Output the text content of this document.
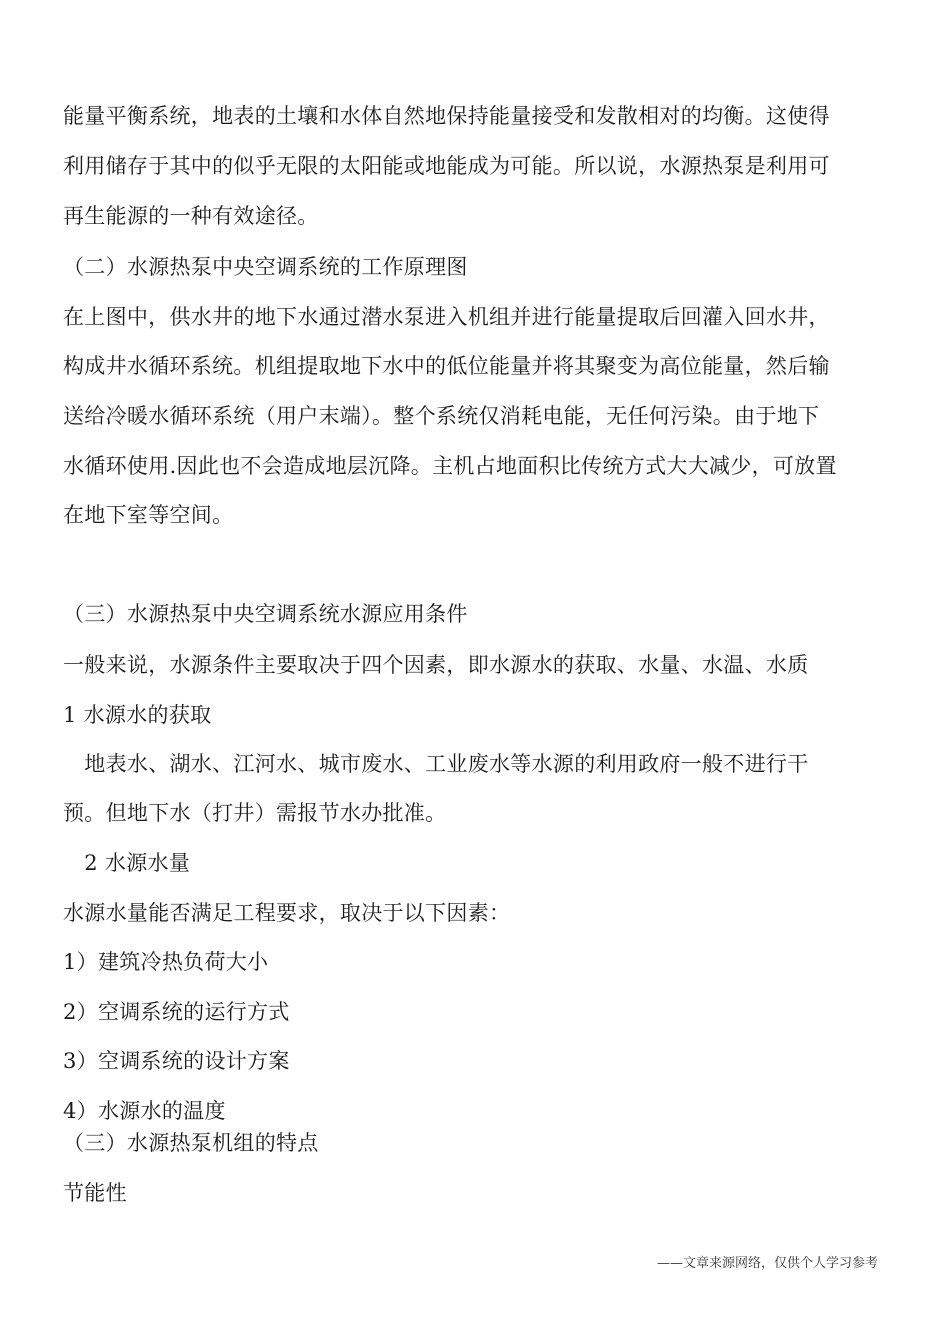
能量平衡系统，地表的土壤和水体自然地保持能量接受和发散相对的均衡。这使得
利用储存于其中的似乎无限的太阳能或地能成为可能。所以说，水源热泵是利用可
再生能源的一种有效途径。
（二）水源热泵中央空调系统的工作原理图
在上图中，供水井的地下水通过潜水泵进入机组并进行能量提取后回灌入回水井，
构成井水循环系统。机组提取地下水中的低位能量并将其聚变为高位能量，然后输
送给冷暖水循环系统（用户末端）。整个系统仅消耗电能，无任何污染。由于地下
水循环使用.因此也不会造成地层沉降。主机占地面积比传统方式大大减少，可放置
在地下室等空间。
（三）水源热泵中央空调系统水源应用条件
一般来说，水源条件主要取决于四个因素，即水源水的获取、水量、水温、水质
1 水源水的获取
　地表水、湖水、江河水、城市废水、工业废水等水源的利用政府一般不进行干
预。但地下水（打井）需报节水办批准。
　2 水源水量
水源水量能否满足工程要求，取决于以下因素：
1）建筑冷热负荷大小
2）空调系统的运行方式
3）空调系统的设计方案
4）水源水的温度
（三）水源热泵机组的特点
节能性
——文章来源网络，仅供个人学习参考
